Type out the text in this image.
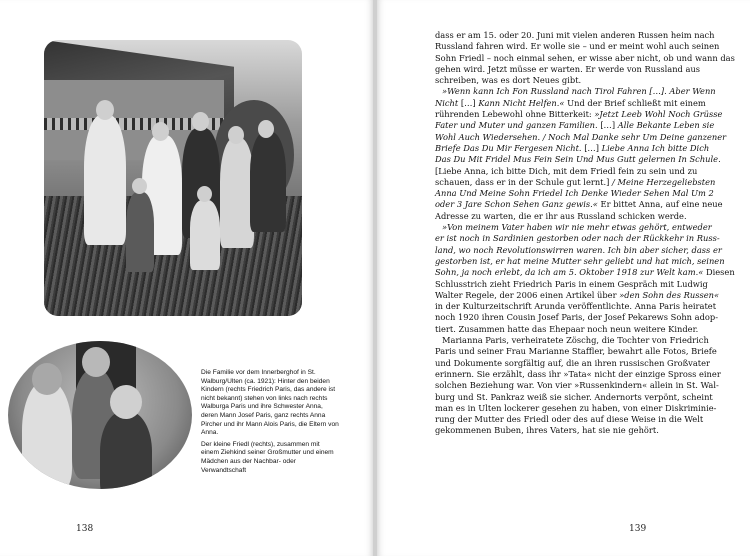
Die Familie vor dem Innerberghof in St. Walburg/Ulten (ca. 1921): Hinter den beiden Kindern (rechts Friedrich Paris, das andere ist nicht bekannt) stehen von links nach rechts Walburga Paris und ihre Schwester Anna, deren Mann Josef Paris, ganz rechts Anna Pircher und ihr Mann Alois Paris, die Eltern von Anna.

Der kleine Friedl (rechts), zusammen mit einem Ziehkind seiner Großmutter und einem Mädchen aus der Nachbar- oder Verwandtschaft

138
dass er am 15. oder 20. Juni mit vielen anderen Russen heim nach
Russland fahren wird. Er wolle sie – und er meint wohl auch seinen
Sohn Friedl – noch einmal sehen, er wisse aber nicht, ob und wann das
gehen wird. Jetzt müsse er warten. Er werde von Russland aus
schreiben, was es dort Neues gibt.
»Wenn kann Ich Fon Russland nach Tirol Fahren […]. Aber Wenn
Nicht […] Kann Nicht Helfen.« Und der Brief schließt mit einem
rührenden Lebewohl ohne Bitterkeit: »Jetzt Leeb Wohl Noch Grüsse
Fater und Muter und ganzen Familien. […] Alle Bekante Leben sie
Wohl Auch Wiedersehen. / Noch Mal Danke sehr Um Deine ganzener
Briefe Das Du Mir Fergesen Nicht. […] Liebe Anna Ich bitte Dich
Das Du Mit Fridel Mus Fein Sein Und Mus Gutt gelernen In Schule.
[Liebe Anna, ich bitte Dich, mit dem Friedl fein zu sein und zu
schauen, dass er in der Schule gut lernt.] / Meine Herzegeliebsten
Anna Und Meine Sohn Friedel Ich Denke Wieder Sehen Mal Um 2
oder 3 Jare Schon Sehen Ganz gewis.« Er bittet Anna, auf eine neue
Adresse zu warten, die er ihr aus Russland schicken werde.
»Von meinem Vater haben wir nie mehr etwas gehört, entweder
er ist noch in Sardinien gestorben oder nach der Rückkehr in Russ-
land, wo noch Revolutionswirren waren. Ich bin aber sicher, dass er
gestorben ist, er hat meine Mutter sehr geliebt und hat mich, seinen
Sohn, ja noch erlebt, da ich am 5. Oktober 1918 zur Welt kam.« Diesen
Schlusstrich zieht Friedrich Paris in einem Gespräch mit Ludwig
Walter Regele, der 2006 einen Artikel über »den Sohn des Russen«
in der Kulturzeitschrift Arunda veröffentlichte. Anna Paris heiratet
noch 1920 ihren Cousin Josef Paris, der Josef Pekarews Sohn adop-
tiert. Zusammen hatte das Ehepaar noch neun weitere Kinder.
Marianna Paris, verheiratete Zöschg, die Tochter von Friedrich
Paris und seiner Frau Marianne Staffler, bewahrt alle Fotos, Briefe
und Dokumente sorgfältig auf, die an ihren russischen Großvater
erinnern. Sie erzählt, dass ihr »Tata« nicht der einzige Spross einer
solchen Beziehung war. Von vier »Russenkindern« allein in St. Wal-
burg und St. Pankraz weiß sie sicher. Andernorts verpönt, scheint
man es in Ulten lockerer gesehen zu haben, von einer Diskriminie-
rung der Mutter des Friedl oder des auf diese Weise in die Welt
gekommenen Buben, ihres Vaters, hat sie nie gehört.
139
